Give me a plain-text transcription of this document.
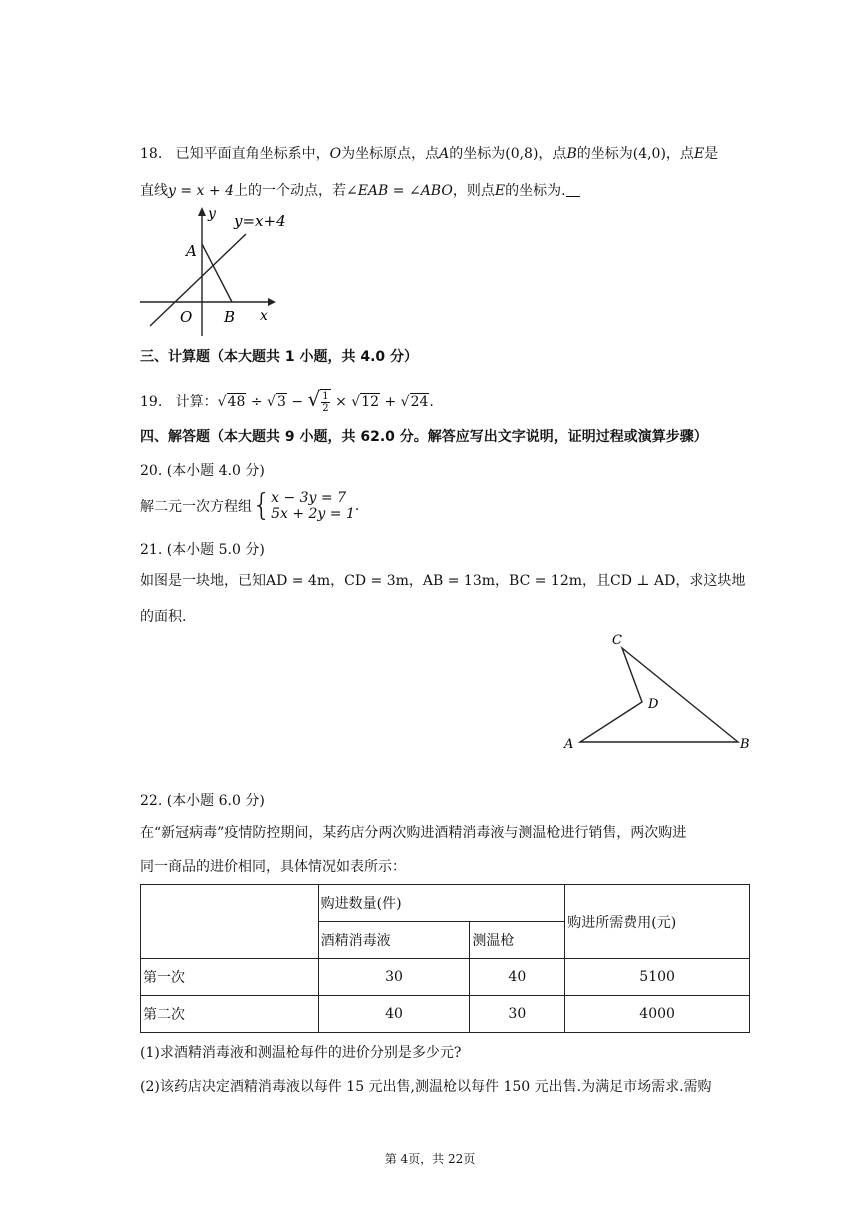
18. 已知平面直角坐标系中，O为坐标原点，点A的坐标为(0,8)，点B的坐标为(4,0)，点E是
直线y = x + 4上的一个动点，若∠EAB = ∠ABO，则点E的坐标为.
y=x+4
y
x
A
O B
三、计算题（本大题共 1 小题，共 4.0 分）
19. 计算：√48 ÷ √3 − √ $\frac{1}{2} \times √12 + √24$.
四、解答题（本大题共 9 小题，共 62.0 分。解答应写出文字说明，证明过程或演算步骤）
20. (本小题 4.0 分)
解二元一次方程组{ x − 3y = 7
5x + 2y = 1 .
21. (本小题 5.0 分)
如图是一块地，已知AD = 4m，CD = 3m，AB = 13m，BC = 12m，且CD ⊥ AD，求这块地
的面积.
C
D
A	B
22. (本小题 6.0 分)
在“新冠病毒”疫情防控期间，某药店分两次购进酒精消毒液与测温枪进行销售，两次购进
同一商品的进价相同，具体情况如表所示：
	购进数量(件)		购进所需费用(元)
	酒精消毒液	测温枪	
第一次	30	40	5100
第二次	40	30	4000
(1)求酒精消毒液和测温枪每件的进价分别是多少元?
(2)该药店决定酒精消毒液以每件 15 元出售,测温枪以每件 150 元出售.为满足市场需求.需购
第 4页，共 22页
